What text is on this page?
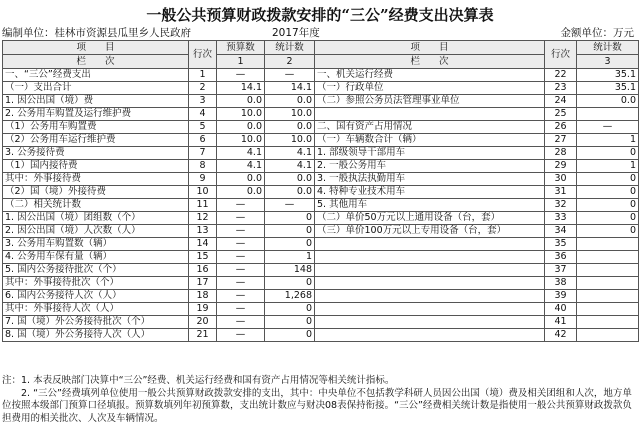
一般公共预算财政拨款安排的“三公”经费支出决算表
编制单位：桂林市资源县瓜里乡人民政府	2017年度	金额单位：万元
项　　目	行次	预算数	统计数	项　　目	行次	统计数
栏　　次		1	2	栏　　次		3
一、“三公”经费支出	1	—	—	一、机关运行经费	22	35.1
（一）支出合计	2	14.1	14.1	（一）行政单位	23	35.1
1. 因公出国（境）费	3	0.0	0.0	（二）参照公务员法管理事业单位	24	0.0
2. 公务用车购置及运行维护费	4	10.0	10.0		25	
（1）公务用车购置费	5	0.0	0.0	二、国有资产占用情况	26	—
（2）公务用车运行维护费	6	10.0	10.0	（一）车辆数合计（辆）	27	1
3. 公务接待费	7	4.1	4.1	1. 部级领导干部用车	28	0
（1）国内接待费	8	4.1	4.1	2. 一般公务用车	29	1
其中：外事接待费	9	0.0	0.0	3. 一般执法执勤用车	30	0
（2）国（境）外接待费	10	0.0	0.0	4. 特种专业技术用车	31	0
（二）相关统计数	11	—	—	5. 其他用车	32	0
1. 因公出国（境）团组数（个）	12	—	0	（二）单价50万元以上通用设备（台，套）	33	0
2. 因公出国（境）人次数（人）	13	—	0	（三）单价100万元以上专用设备（台，套）	34	0
3. 公务用车购置数（辆）	14	—	0		35	
4. 公务用车保有量（辆）	15	—	1		36	
5. 国内公务接待批次（个）	16	—	148		37	
其中：外事接待批次（个）	17	—	0		38	
6. 国内公务接待人次（人）	18	—	1,268		39	
其中：外事接待人次（人）	19	—	0		40	
7. 国（境）外公务接待批次（个）	20	—	0		41	
8. 国（境）外公务接待人次（人）	21	—	0		42	

注：1. 本表反映部门决算中“三公”经费、机关运行经费和国有资产占用情况等相关统计指标。

　　2. “三公”经费填列单位使用一般公共预算财政拨款安排的支出，其中：中央单位不包括教学科研人员因公出国（境）费及相关团组和人次，地方单位按照本级部门预算口径填报。预算数填列年初预算数，支出统计数应与财决08表保持衔接。“三公”经费相关统计数是指使用一般公共预算财政拨款负担费用的相关批次、人次及车辆情况。
